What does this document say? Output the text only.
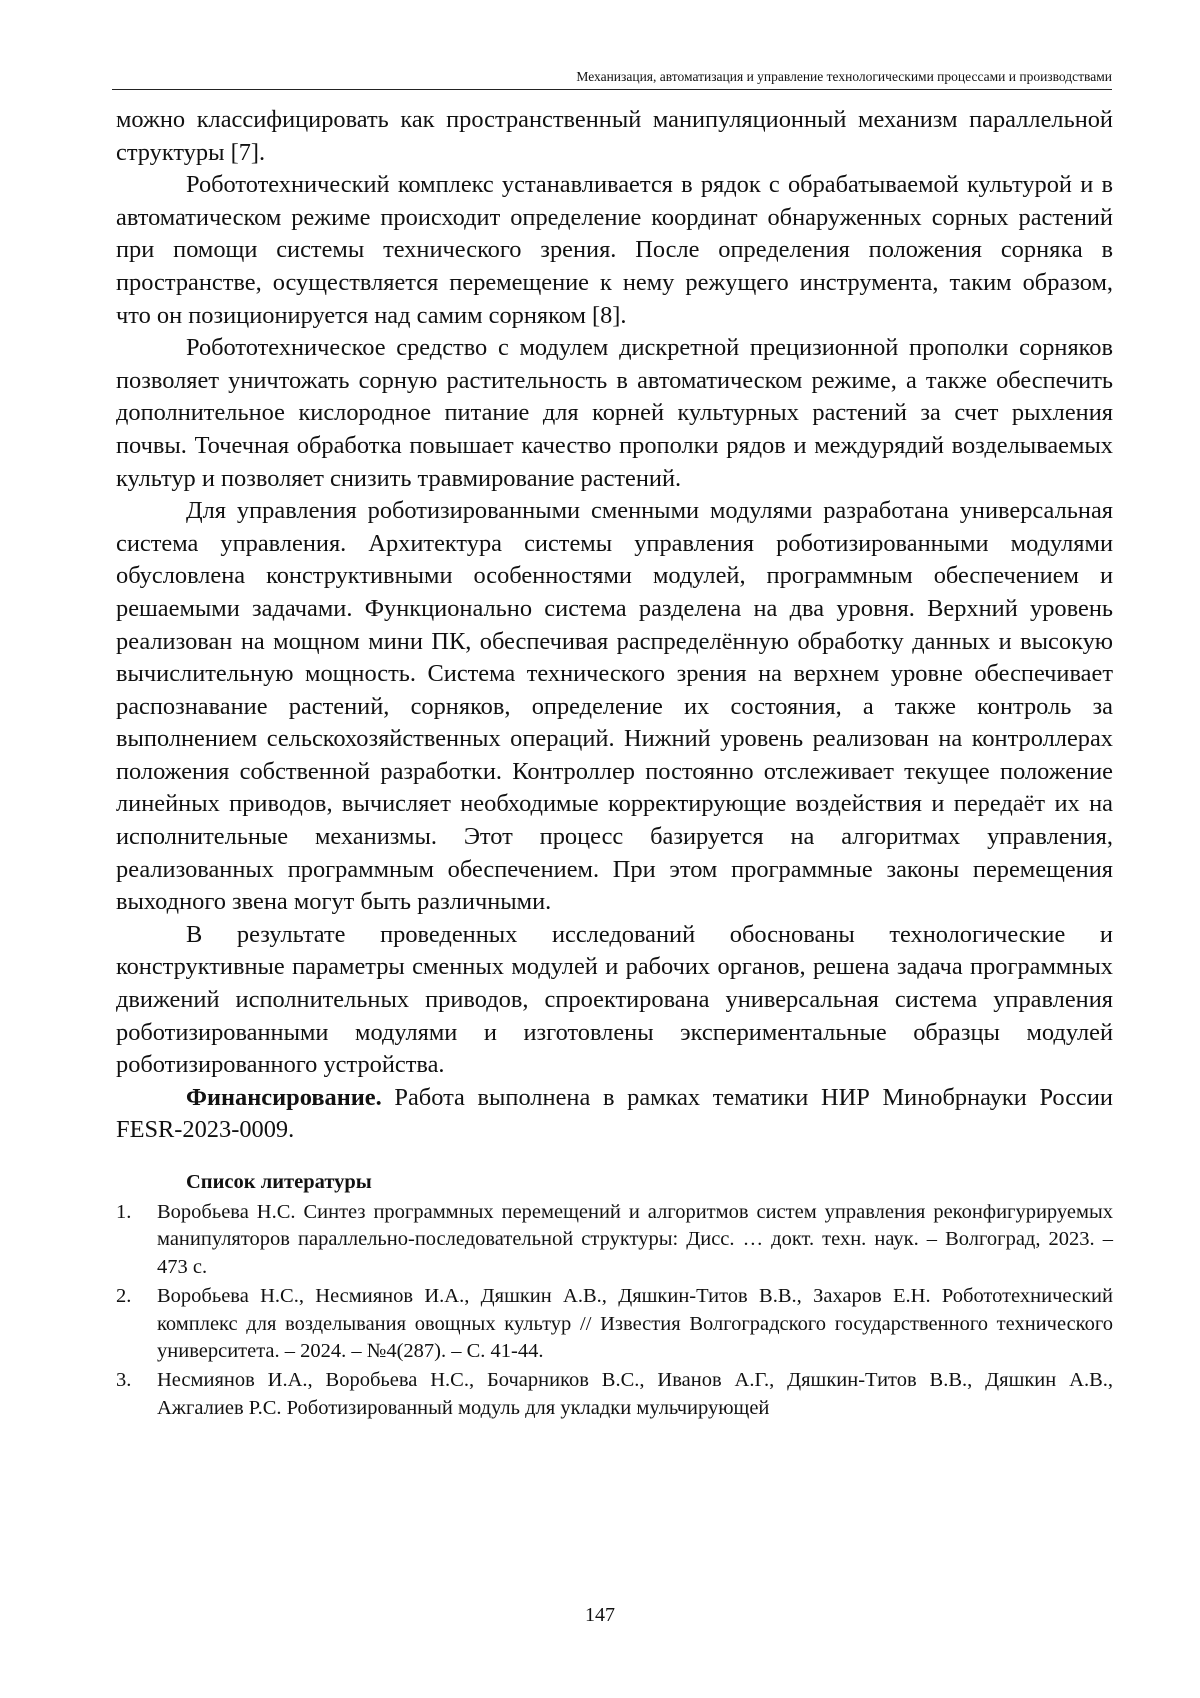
Механизация, автоматизация и управление технологическими процессами и производствами

можно классифицировать как пространственный манипуляционный механизм параллельной структуры [7].

Робототехнический комплекс устанавливается в рядок с обрабатываемой культурой и в автоматическом режиме происходит определение координат обнаруженных сорных растений при помощи системы технического зрения. После определения положения сорняка в пространстве, осуществляется перемещение к нему режущего инструмента, таким образом, что он позиционируется над самим сорняком [8].

Робототехническое средство с модулем дискретной прецизионной прополки сорняков позволяет уничтожать сорную растительность в автоматическом режиме, а также обеспечить дополнительное кислородное питание для корней культурных растений за счет рыхления почвы. Точечная обработка повышает качество прополки рядов и междурядий возделываемых культур и позволяет снизить травмирование растений.

Для управления роботизированными сменными модулями разработана универсальная система управления. Архитектура системы управления роботизированными модулями обусловлена конструктивными особенностями модулей, программным обеспечением и решаемыми задачами. Функционально система разделена на два уровня. Верхний уровень реализован на мощном мини ПК, обеспечивая распределённую обработку данных и высокую вычислительную мощность. Система технического зрения на верхнем уровне обеспечивает распознавание растений, сорняков, определение их состояния, а также контроль за выполнением сельскохозяйственных операций. Нижний уровень реализован на контроллерах положения собственной разработки. Контроллер постоянно отслеживает текущее положение линейных приводов, вычисляет необходимые корректирующие воздействия и передаёт их на исполнительные механизмы. Этот процесс базируется на алгоритмах управления, реализованных программным обеспечением. При этом программные законы перемещения выходного звена могут быть различными.

В результате проведенных исследований обоснованы технологические и конструктивные параметры сменных модулей и рабочих органов, решена задача программных движений исполнительных приводов, спроектирована универсальная система управления роботизированными модулями и изготовлены экспериментальные образцы модулей роботизированного устройства.

Финансирование. Работа выполнена в рамках тематики НИР Минобрнауки России FESR-2023-0009.

Список литературы
1. Воробьева Н.С. Синтез программных перемещений и алгоритмов систем управления реконфигурируемых манипуляторов параллельно-последовательной структуры: Дисс. … докт. техн. наук. – Волгоград, 2023. – 473 с.
2. Воробьева Н.С., Несмиянов И.А., Дяшкин А.В., Дяшкин-Титов В.В., Захаров Е.Н. Робототехнический комплекс для возделывания овощных культур // Известия Волгоградского государственного технического университета. – 2024. – №4(287). – С. 41-44.
3. Несмиянов И.А., Воробьева Н.С., Бочарников В.С., Иванов А.Г., Дяшкин-Титов В.В., Дяшкин А.В., Ажгалиев Р.С. Роботизированный модуль для укладки мульчирующей
147
